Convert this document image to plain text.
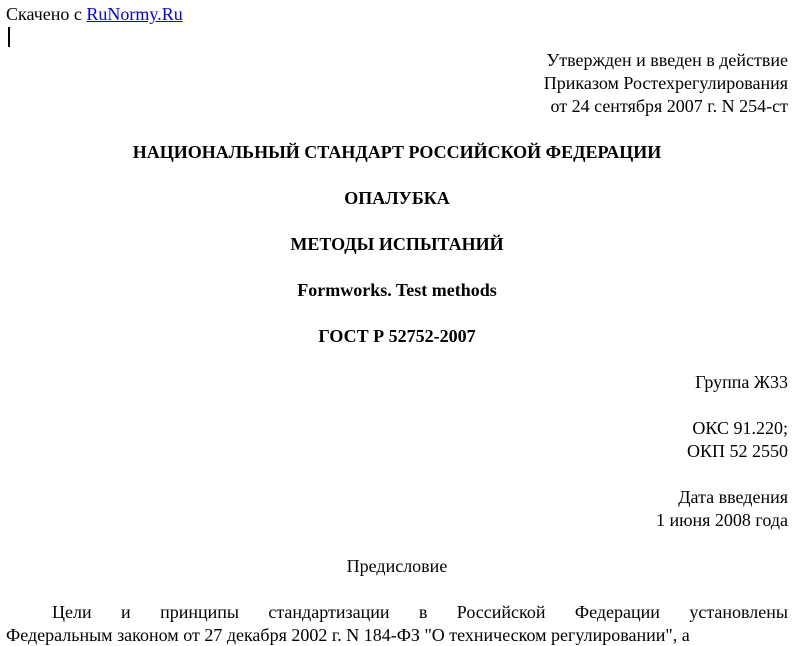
Скачено с RuNormy.Ru
Утвержден и введен в действие
Приказом Ростехрегулирования
от 24 сентября 2007 г. N 254-ст
НАЦИОНАЛЬНЫЙ СТАНДАРТ РОССИЙСКОЙ ФЕДЕРАЦИИ
ОПАЛУБКА
МЕТОДЫ ИСПЫТАНИЙ
Formworks. Test methods
ГОСТ Р 52752-2007
Группа Ж33
ОКС 91.220;
ОКП 52 2550
Дата введения
1 июня 2008 года
Предисловие
Цели и принципы стандартизации в Российской Федерации установлены
Федеральным законом от 27 декабря 2002 г. N 184-ФЗ "О техническом регулировании", а
